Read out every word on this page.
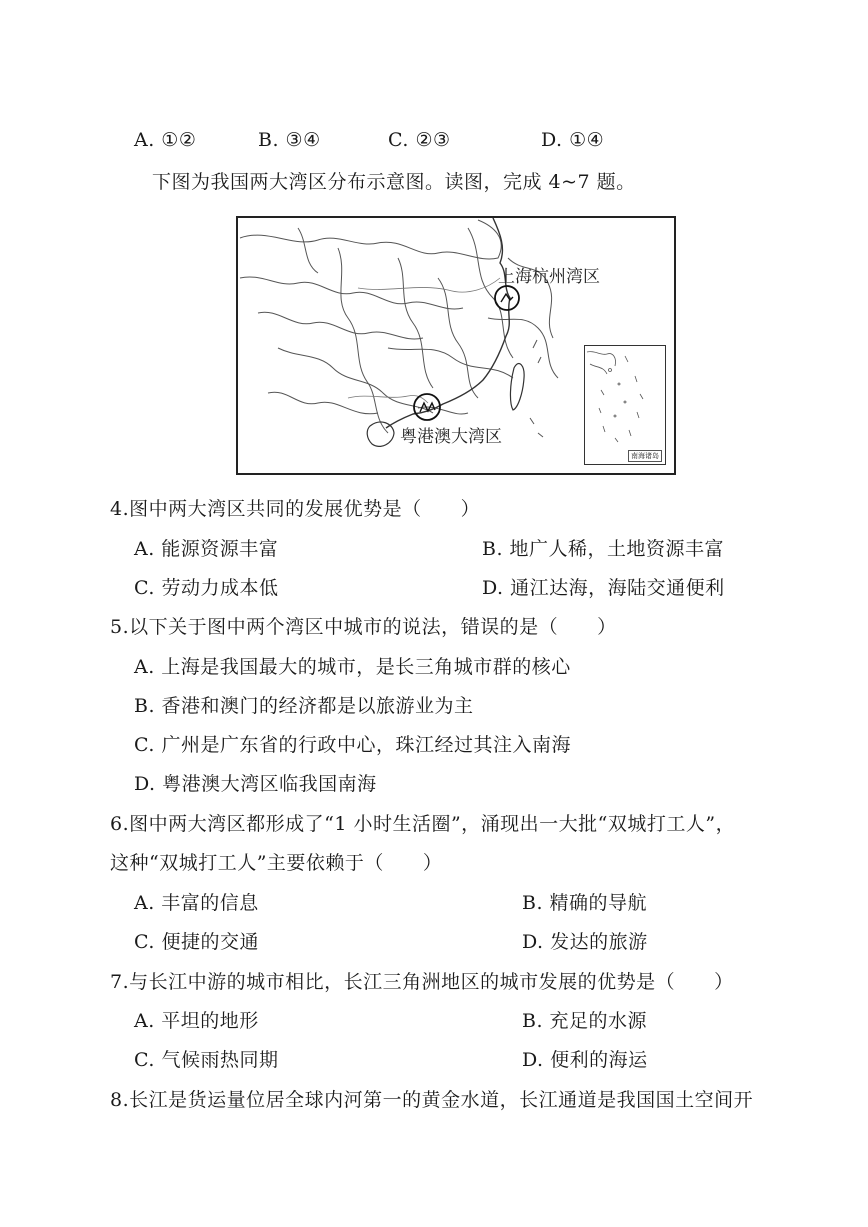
A. ①②	B. ③④	C. ②③	D. ①④
下图为我国两大湾区分布示意图。读图，完成 4~7 题。
上海杭州湾区
粤港澳大湾区
南海诸岛
4.图中两大湾区共同的发展优势是（　　）
A. 能源资源丰富	B. 地广人稀，土地资源丰富
C. 劳动力成本低	D. 通江达海，海陆交通便利
5.以下关于图中两个湾区中城市的说法，错误的是（　　）
A. 上海是我国最大的城市，是长三角城市群的核心
B. 香港和澳门的经济都是以旅游业为主
C. 广州是广东省的行政中心，珠江经过其注入南海
D. 粤港澳大湾区临我国南海
6.图中两大湾区都形成了“1 小时生活圈”，涌现出一大批“双城打工人”，
这种“双城打工人”主要依赖于（　　）
A. 丰富的信息	B. 精确的导航
C. 便捷的交通	D. 发达的旅游
7.与长江中游的城市相比，长江三角洲地区的城市发展的优势是（　　）
A. 平坦的地形	B. 充足的水源
C. 气候雨热同期	D. 便利的海运
8.长江是货运量位居全球内河第一的黄金水道，长江通道是我国国土空间开
